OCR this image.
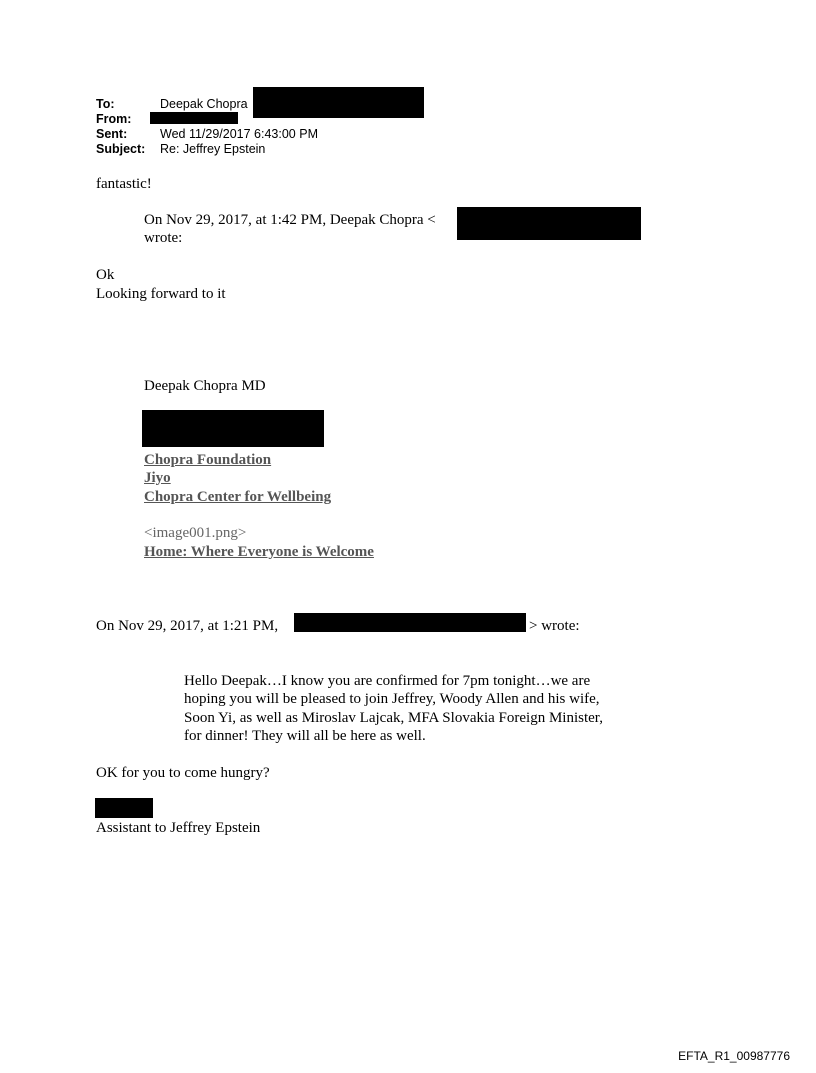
To:	Deepak Chopra
From:
Sent:	Wed 11/29/2017 6:43:00 PM
Subject: Re: Jeffrey Epstein
fantastic!
On Nov 29, 2017, at 1:42 PM, Deepak Chopra <
wrote:
Ok
Looking forward to it
Deepak Chopra MD
Chopra Foundation
Jiyo
Chopra Center for Wellbeing
<image001.png>
Home: Where Everyone is Welcome
On Nov 29, 2017, at 1:21 PM,	> wrote:
Hello Deepak…I know you are confirmed for 7pm tonight…we are
hoping you will be pleased to join Jeffrey, Woody Allen and his wife,
Soon Yi, as well as Miroslav Lajcak, MFA Slovakia Foreign Minister,
for dinner! They will all be here as well.
OK for you to come hungry?
Assistant to Jeffrey Epstein
EFTA_R1_00987776
